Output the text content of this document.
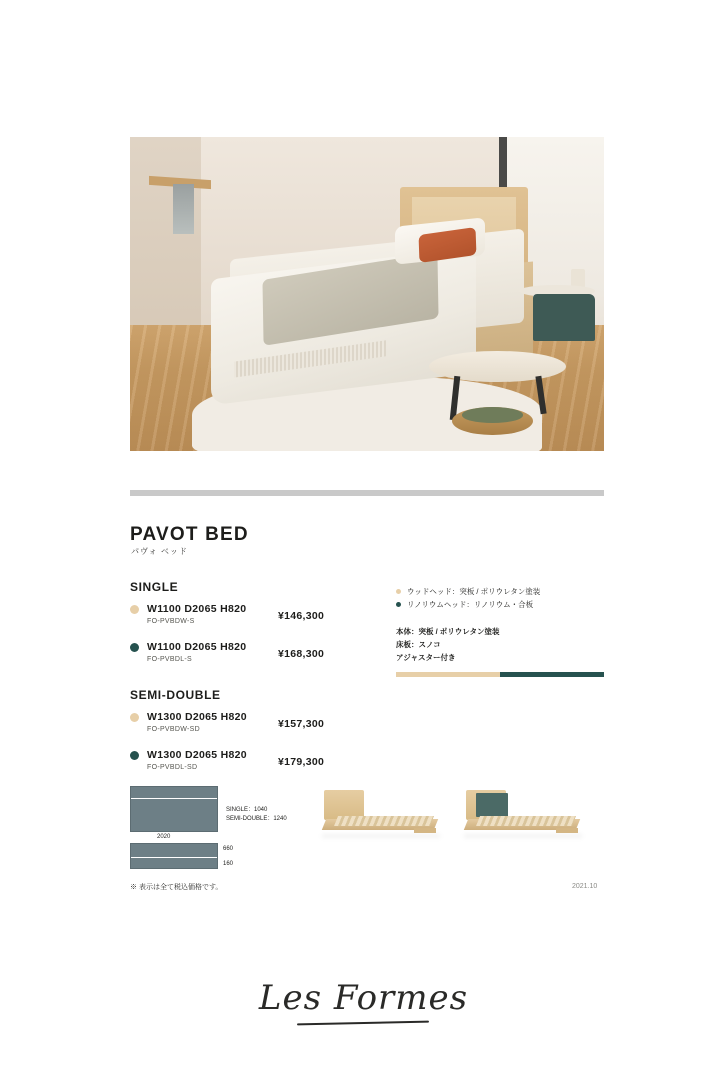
PAVOT BED
パヴォ ベッド
SINGLE
W1100 D2065 H820
FO-PVBDW-S	¥146,300
W1100 D2065 H820
FO-PVBDL-S	¥168,300
SEMI-DOUBLE
W1300 D2065 H820
FO-PVBDW-SD	¥157,300
W1300 D2065 H820
FO-PVBDL-SD	¥179,300
ウッドヘッド：突板 / ポリウレタン塗装
リノリウムヘッド：リノリウム・合板
本体：突板 / ポリウレタン塗装
床板：スノコ
アジャスター付き
SINGLE：1040
SEMI-DOUBLE：1240
2020
660
160
※ 表示は全て税込価格です。	2021.10
Les Formes
